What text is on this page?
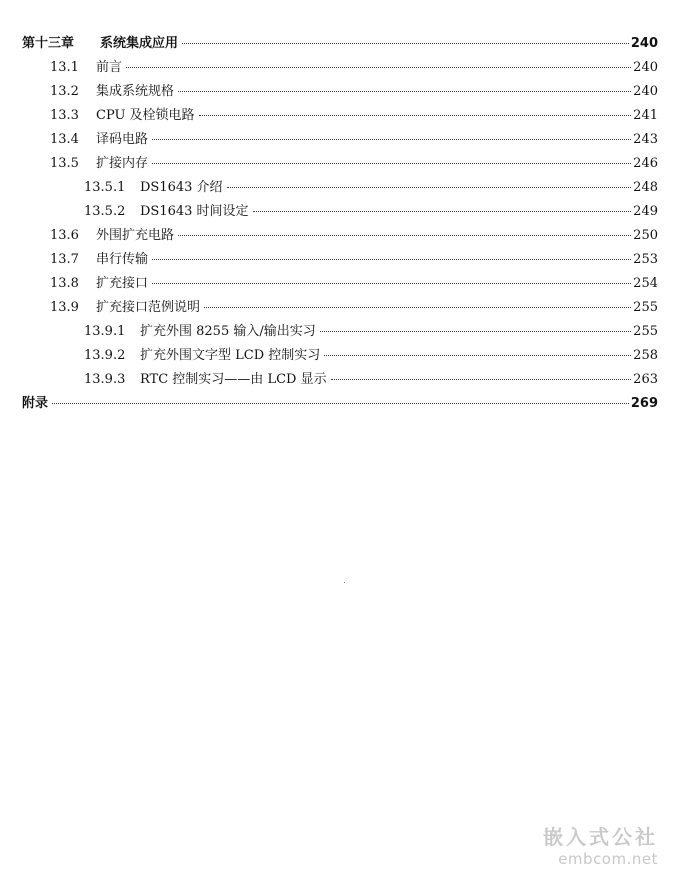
第十三章	系统集成应用	240
13.1	前言	240
13.2	集成系统规格	240
13.3	CPU 及栓锁电路	241
13.4	译码电路	243
13.5	扩接内存	246
13.5.1	DS1643 介绍	248
13.5.2	DS1643 时间设定	249
13.6	外围扩充电路	250
13.7	串行传输	253
13.8	扩充接口	254
13.9	扩充接口范例说明	255
13.9.1	扩充外围 8255 输入/输出实习	255
13.9.2	扩充外围文字型 LCD 控制实习	258
13.9.3	RTC 控制实习——由 LCD 显示	263
附录	269
嵌入式公社
embcom.net
